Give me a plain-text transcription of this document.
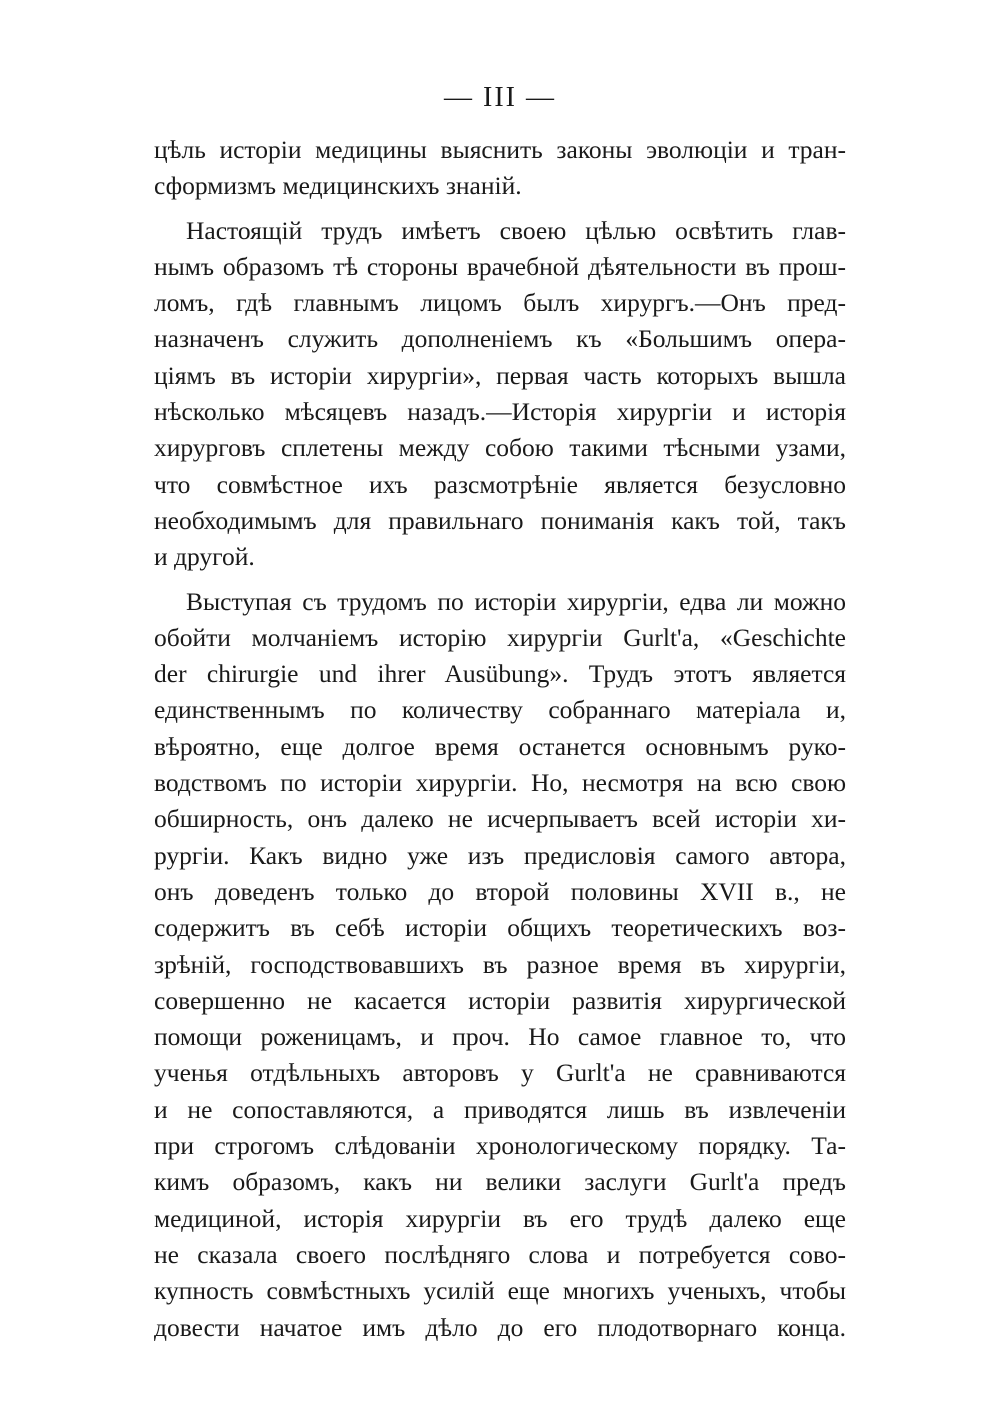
— III —
цѣль исторіи медицины выяснить законы эволюціи и тран-
сформизмъ медицинскихъ знаній.
Настоящій трудъ имѣетъ своею цѣлью освѣтить глав-
нымъ образомъ тѣ стороны врачебной дѣятельности въ прош-
ломъ, гдѣ главнымъ лицомъ былъ хирургъ.—Онъ пред-
назначенъ служить дополненіемъ къ «Большимъ опера-
ціямъ въ исторіи хирургіи», первая часть которыхъ вышла
нѣсколько мѣсяцевъ назадъ.—Исторія хирургіи и исторія
хирурговъ сплетены между собою такими тѣсными узами,
что совмѣстное ихъ разсмотрѣніе является безусловно
необходимымъ для правильнаго пониманія какъ той, такъ
и другой.
Выступая съ трудомъ по исторіи хирургіи, едва ли можно
обойти молчаніемъ исторію хирургіи Gurlt'a, «Geschichte
der chirurgie und ihrer Ausübung». Трудъ этотъ является
единственнымъ по количеству собраннаго матеріала и,
вѣроятно, еще долгое время останется основнымъ руко-
водствомъ по исторіи хирургіи. Но, несмотря на всю свою
обширность, онъ далеко не исчерпываетъ всей исторіи хи-
рургіи. Какъ видно уже изъ предисловія самого автора,
онъ доведенъ только до второй половины XVII в., не
содержитъ въ себѣ исторіи общихъ теоретическихъ воз-
зрѣній, господствовавшихъ въ разное время въ хирургіи,
совершенно не касается исторіи развитія хирургической
помощи роженицамъ, и проч. Но самое главное то, что
ученья отдѣльныхъ авторовъ у Gurlt'a не сравниваются
и не сопоставляются, а приводятся лишь въ извлеченіи
при строгомъ слѣдованіи хронологическому порядку. Та-
кимъ образомъ, какъ ни велики заслуги Gurlt'a предъ
медициной, исторія хирургіи въ его трудѣ далеко еще
не сказала своего послѣдняго слова и потребуется сово-
купность совмѣстныхъ усилій еще многихъ ученыхъ, чтобы
довести начатое имъ дѣло до его плодотворнаго конца.
